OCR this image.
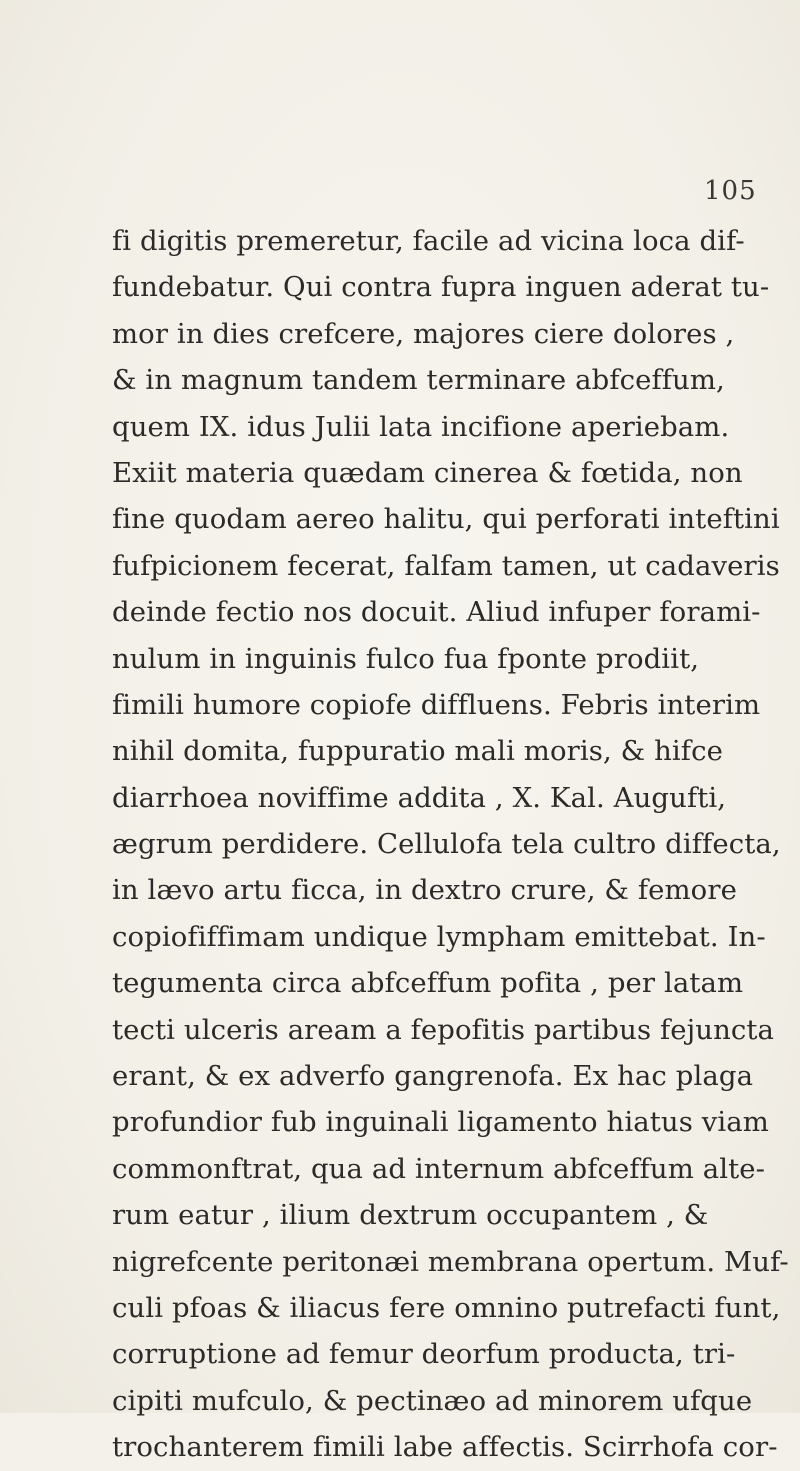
105
fi digitis premeretur, facile ad vicina loca dif-
fundebatur. Qui contra fupra inguen aderat tu-
mor in dies crefcere, majores ciere dolores ,
& in magnum tandem terminare abfceffum,
quem IX. idus Julii lata incifione aperiebam.
Exiit materia quædam cinerea & fœtida, non
fine quodam aereo halitu, qui perforati inteftini
fufpicionem fecerat, falfam tamen, ut cadaveris
deinde fectio nos docuit. Aliud infuper forami-
nulum in inguinis fulco fua fponte prodiit,
fimili humore copiofe diffluens. Febris interim
nihil domita, fuppuratio mali moris, & hifce
diarrhoea noviffime addita , X. Kal. Augufti,
ægrum perdidere. Cellulofa tela cultro diffecta,
in lævo artu ficca, in dextro crure, & femore
copiofiffimam undique lympham emittebat. In-
tegumenta circa abfceffum pofita , per latam
tecti ulceris aream a fepofitis partibus fejuncta
erant, & ex adverfo gangrenofa. Ex hac plaga
profundior fub inguinali ligamento hiatus viam
commonftrat, qua ad internum abfceffum alte-
rum eatur , ilium dextrum occupantem , &
nigrefcente peritonæi membrana opertum. Muf-
culi pfoas & iliacus fere omnino putrefacti funt,
corruptione ad femur deorfum producta, tri-
cipiti mufculo, & pectinæo ad minorem ufque
trochanterem fimili labe affectis. Scirrhofa cor-
